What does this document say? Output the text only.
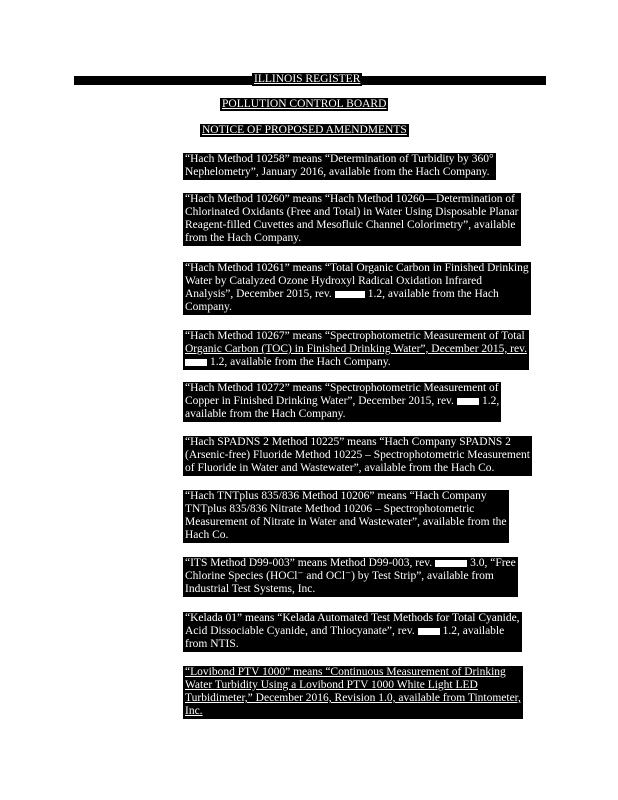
ILLINOIS REGISTER
POLLUTION CONTROL BOARD
NOTICE OF PROPOSED AMENDMENTS
“Hach Method 10258” means “Determination of Turbidity by 360°
Nephelometry”, January 2016, available from the Hach Company.
“Hach Method 10260” means “Hach Method 10260—Determination of
Chlorinated Oxidants (Free and Total) in Water Using Disposable Planar
Reagent-filled Cuvettes and Mesofluic Channel Colorimetry”, available
from the Hach Company.
“Hach Method 10261” means “Total Organic Carbon in Finished Drinking
Water by Catalyzed Ozone Hydroxyl Radical Oxidation Infrared
Analysis”, December 2015, rev.	1.2, available from the Hach
Company.
“Hach Method 10267” means “Spectrophotometric Measurement of Total
Organic Carbon (TOC) in Finished Drinking Water”, December 2015, rev.
1.2, available from the Hach Company.
“Hach Method 10272” means “Spectrophotometric Measurement of
Copper in Finished Drinking Water”, December 2015, rev. 1.2,
available from the Hach Company.
“Hach SPADNS 2 Method 10225” means “Hach Company SPADNS 2
(Arsenic-free) Fluoride Method 10225 – Spectrophotometric Measurement
of Fluoride in Water and Wastewater”, available from the Hach Co.
“Hach TNTplus 835/836 Method 10206” means “Hach Company
TNTplus 835/836 Nitrate Method 10206 – Spectrophotometric
Measurement of Nitrate in Water and Wastewater”, available from the
Hach Co.
“ITS Method D99-003” means Method D99-003, rev.	3.0, “Free
Chlorine Species (HOCl⁻ and OCl⁻) by Test Strip”, available from
Industrial Test Systems, Inc.
“Kelada 01” means “Kelada Automated Test Methods for Total Cyanide,
Acid Dissociable Cyanide, and Thiocyanate”, rev. 1.2, available
from NTIS.
“Lovibond PTV 1000” means “Continuous Measurement of Drinking
Water Turbidity Using a Lovibond PTV 1000 White Light LED
Turbidimeter,” December 2016, Revision 1.0, available from Tintometer,
Inc.
